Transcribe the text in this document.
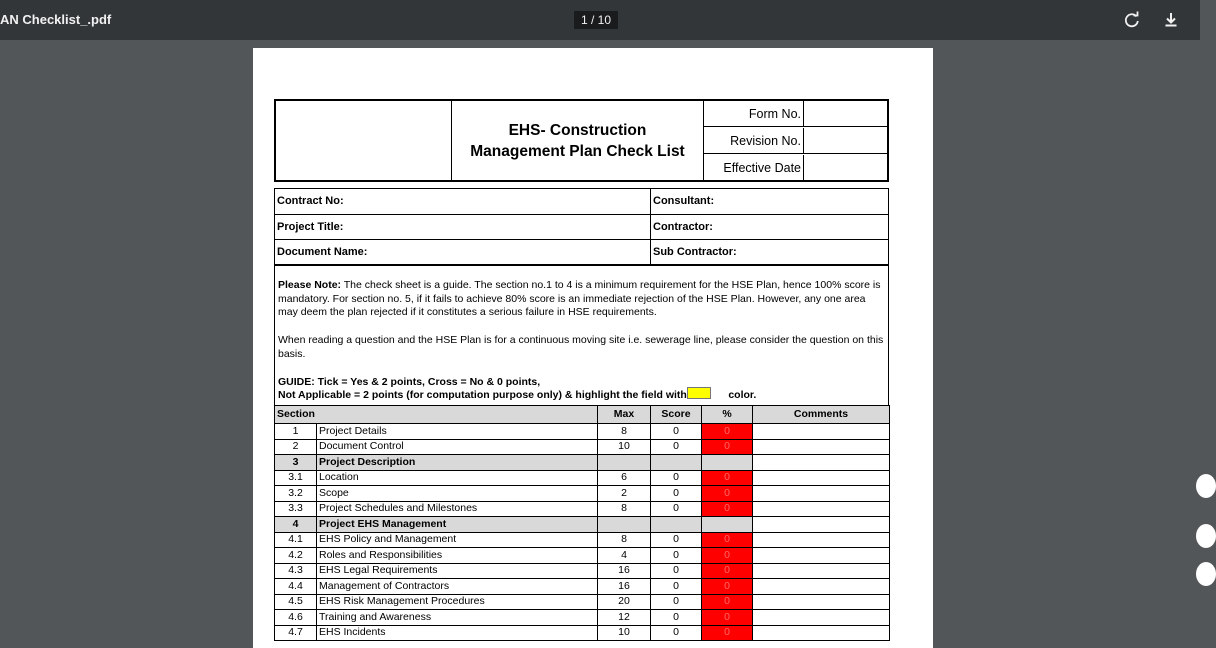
AN Checklist_.pdf	1 / 10
EHS- Construction
Management Plan Check List
Form No.
Revision No.
Effective Date
Contract No:	Consultant:
Project Title:	Contractor:
Document Name:	Sub Contractor:

Please Note: The check sheet is a guide. The section no.1 to 4 is a minimum requirement for the HSE Plan, hence 100% score is mandatory. For section no. 5, if it fails to achieve 80% score is an immediate rejection of the HSE Plan. However, any one area may deem the plan rejected if it constitutes a serious failure in HSE requirements.

When reading a question and the HSE Plan is for a continuous moving site i.e. sewerage line, please consider the question on this basis.

GUIDE: Tick = Yes & 2 points, Cross = No & 0 points,
Not Applicable = 2 points (for computation purpose only) & highlight the field with	color.
Section		Max	Score	%	Comments
1	Project Details	8	0	0	
2	Document Control	10	0	0	
3	Project Description				
3.1	Location	6	0	0	
3.2	Scope	2	0	0	
3.3	Project Schedules and Milestones	8	0	0	
4	Project EHS Management				
4.1	EHS Policy and Management	8	0	0	
4.2	Roles and Responsibilities	4	0	0	
4.3	EHS Legal Requirements	16	0	0	
4.4	Management of Contractors	16	0	0	
4.5	EHS Risk Management Procedures	20	0	0	
4.6	Training and Awareness	12	0	0	
4.7	EHS Incidents	10	0	0	
